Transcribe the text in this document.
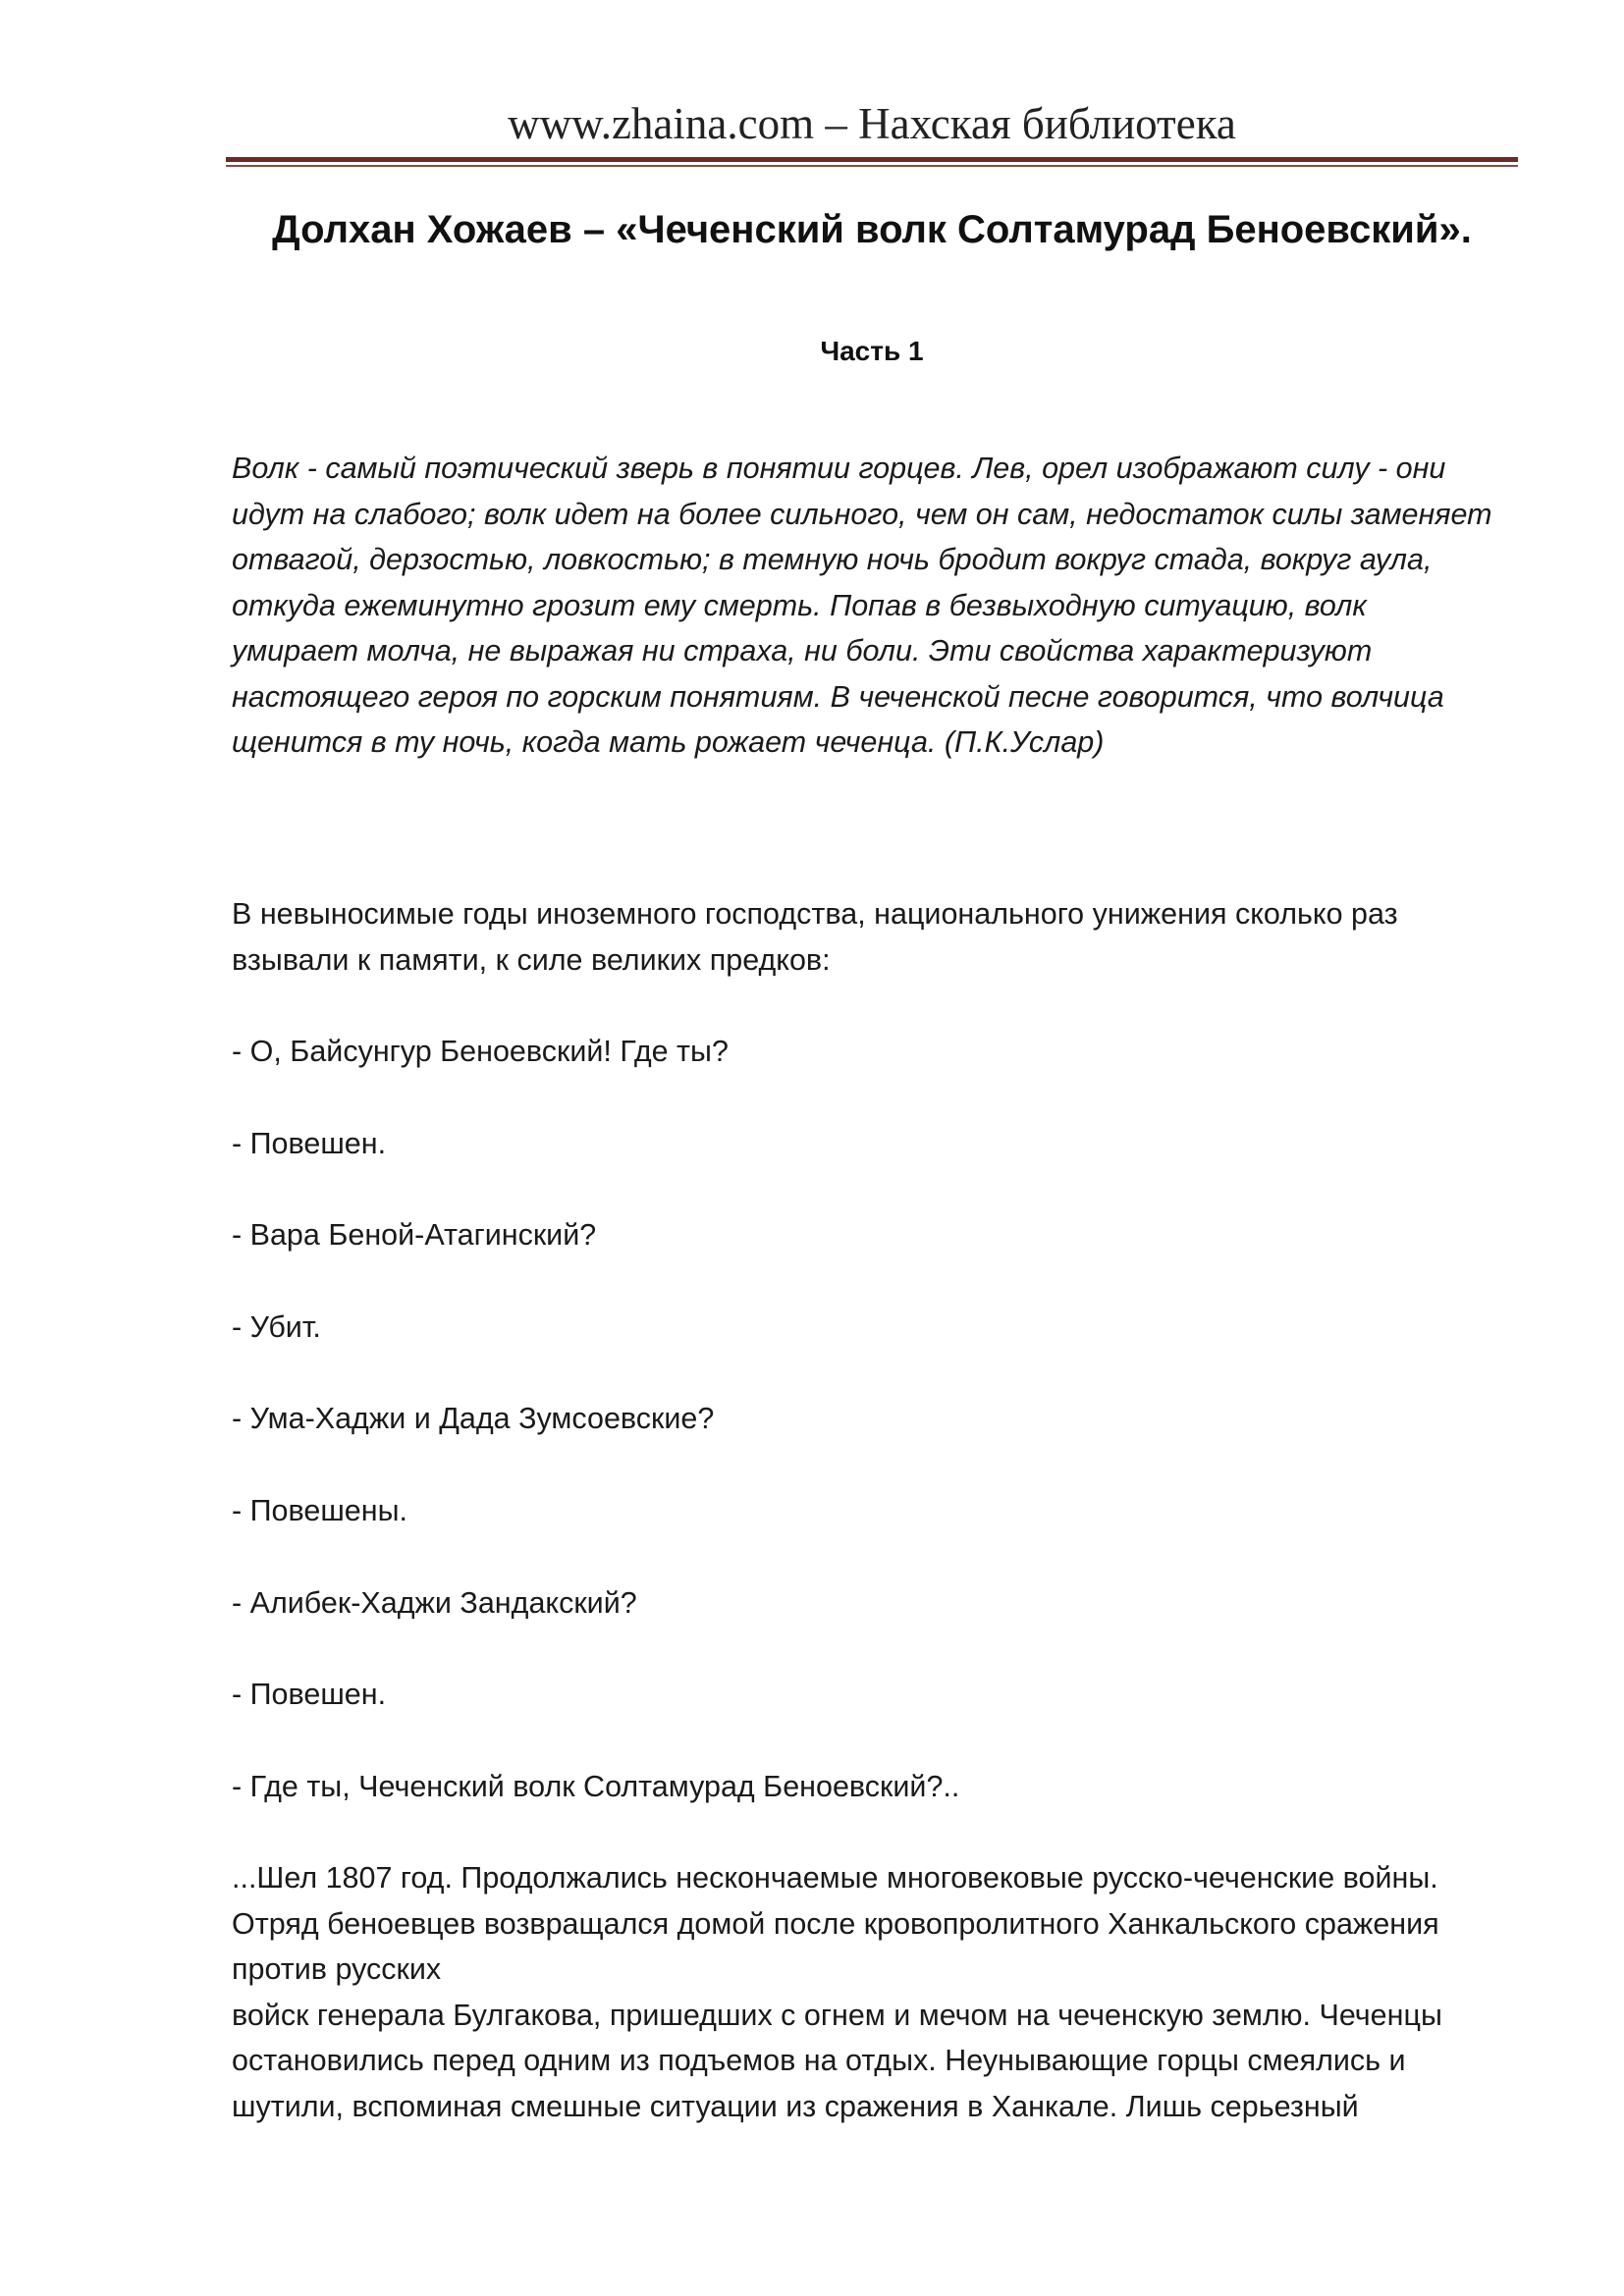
www.zhaina.com – Нахская библиотека
Долхан Хожаев – «Чеченский волк Солтамурад Беноевский».
Часть 1
Волк - самый поэтический зверь в понятии горцев. Лев, орел изображают силу - они
идут на слабого; волк идет на более сильного, чем он сам, недостаток силы заменяет
отвагой, дерзостью, ловкостью; в темную ночь бродит вокруг стада, вокруг аула,
откуда ежеминутно грозит ему смерть. Попав в безвыходную ситуацию, волк
умирает молча, не выражая ни страха, ни боли. Эти свойства характеризуют
настоящего героя по горским понятиям. В чеченской песне говорится, что волчица
щенится в ту ночь, когда мать рожает чеченца. (П.К.Услар)
В невыносимые годы иноземного господства, национального унижения сколько раз
взывали к памяти, к силе великих предков:
- О, Байсунгур Беноевский! Где ты?
- Повешен.
- Вара Беной-Атагинский?
- Убит.
- Ума-Хаджи и Дада Зумсоевские?
- Повешены.
- Алибек-Хаджи Зандакский?
- Повешен.
- Где ты, Чеченский волк Солтамурад Беноевский?..
...Шел 1807 год. Продолжались нескончаемые многовековые русско-чеченские войны.
Отряд беноевцев возвращался домой после кровопролитного Ханкальского сражения
против русских
войск генерала Булгакова, пришедших с огнем и мечом на чеченскую землю. Чеченцы
остановились перед одним из подъемов на отдых. Неунывающие горцы смеялись и
шутили, вспоминая смешные ситуации из сражения в Ханкале. Лишь серьезный
